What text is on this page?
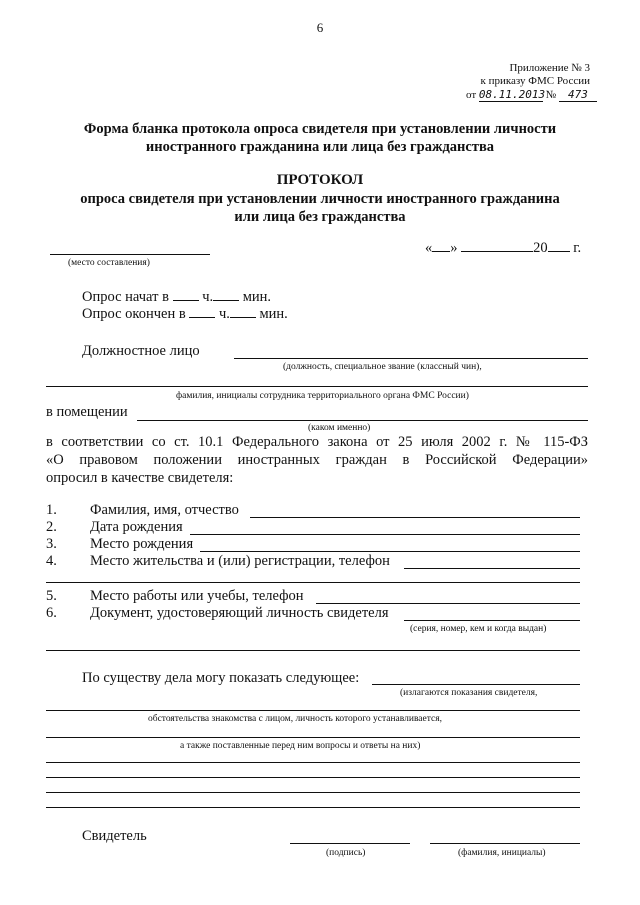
6
Приложение № 3
к приказу ФМС России
от 08.11.2013 № 473
Форма бланка протокола опроса свидетеля при установлении личности
иностранного гражданина или лица без гражданства
ПРОТОКОЛ
опроса свидетеля при установлении личности иностранного гражданина
или лица без гражданства
(место составления)
« »	20 г.
Опрос начат в ч. мин.
Опрос окончен в ч. мин.
Должностное лицо
(должность, специальное звание (классный чин),
фамилия, инициалы сотрудника территориального органа ФМС России)
в помещении
(каком именно)
в соответствии со ст. 10.1 Федерального закона от 25 июля 2002 г. № 115-ФЗ
«О правовом положении иностранных граждан в Российской Федерации»
опросил в качестве свидетеля:
1. Фамилия, имя, отчество
2. Дата рождения
3. Место рождения
4. Место жительства и (или) регистрации, телефон
5. Место работы или учебы, телефон
6. Документ, удостоверяющий личность свидетеля
(серия, номер, кем и когда выдан)
По существу дела могу показать следующее:
(излагаются показания свидетеля,
обстоятельства знакомства с лицом, личность которого устанавливается,
а также поставленные перед ним вопросы и ответы на них)
Свидетель
(подпись)	(фамилия, инициалы)
